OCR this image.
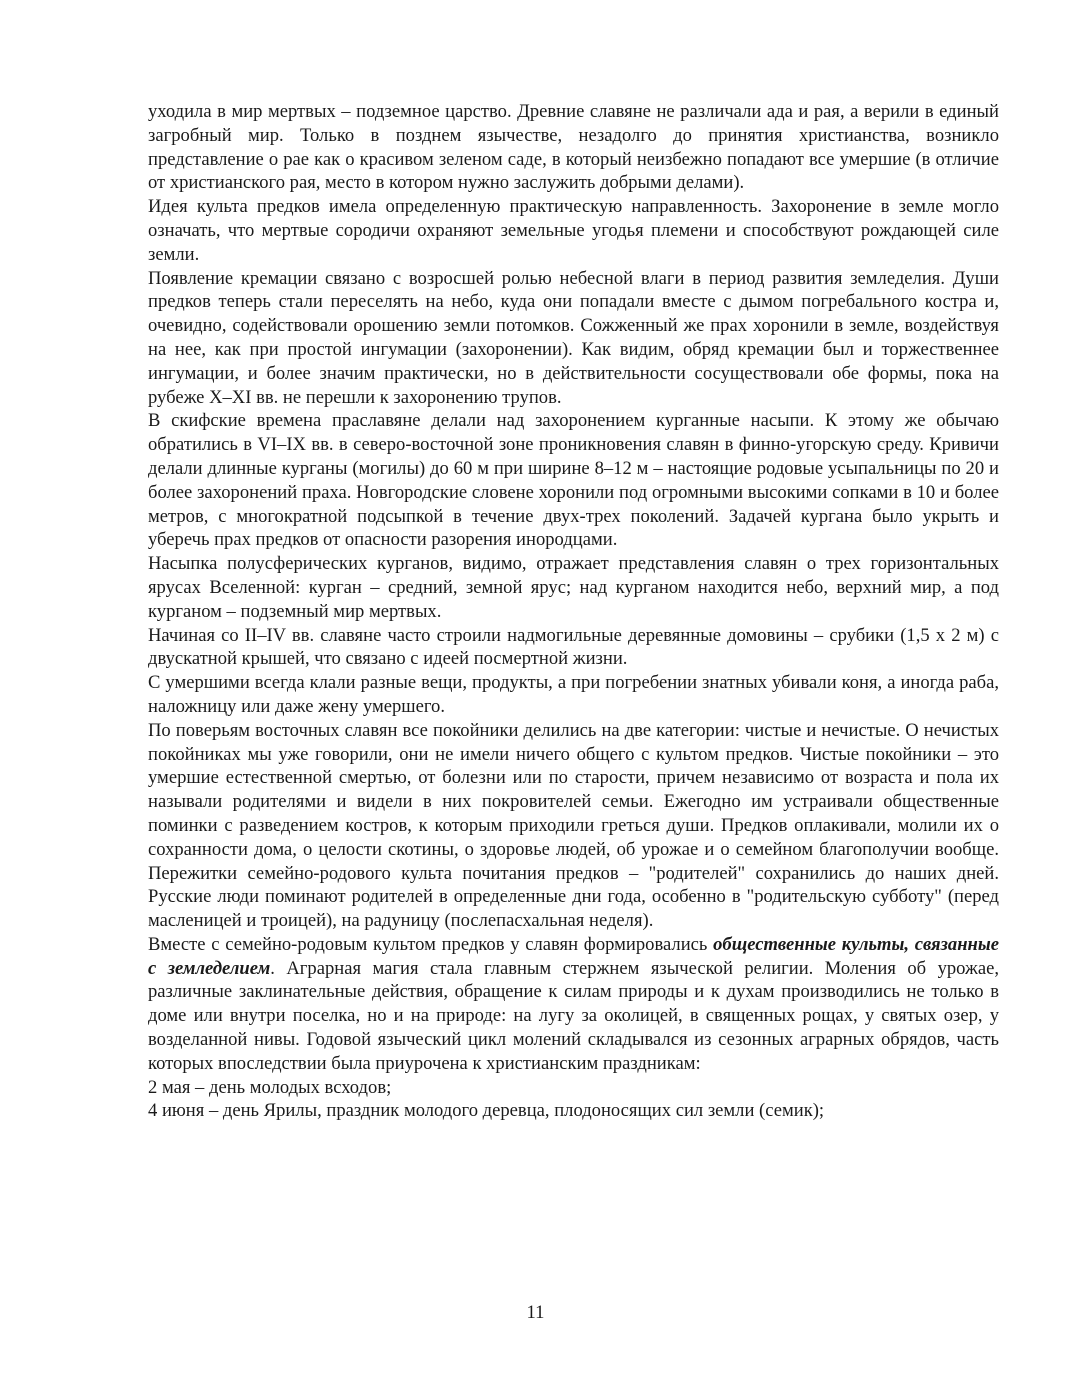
уходила в мир мертвых – подземное царство. Древние славяне не различали ада и рая, а верили в единый загробный мир. Только в позднем язычестве, незадолго до принятия христианства, возникло представление о рае как о красивом зеленом саде, в который неизбежно попадают все умершие (в отличие от христианского рая, место в котором нужно заслужить добрыми делами).

Идея культа предков имела определенную практическую направленность. Захоронение в земле могло означать, что мертвые сородичи охраняют земельные угодья племени и способствуют рождающей силе земли.

Появление кремации связано с возросшей ролью небесной влаги в период развития земледелия. Души предков теперь стали переселять на небо, куда они попадали вместе с дымом погребального костра и, очевидно, содействовали орошению земли потомков. Сожженный же прах хоронили в земле, воздействуя на нее, как при простой ингумации (захоронении). Как видим, обряд кремации был и торжественнее ингумации, и более значим практически, но в действительности сосуществовали обе формы, пока на рубеже X–XI вв. не перешли к захоронению трупов.

В скифские времена праславяне делали над захоронением курганные насыпи. К этому же обычаю обратились в VI–IX вв. в северо-восточной зоне проникновения славян в финно-угорскую среду. Кривичи делали длинные курганы (могилы) до 60 м при ширине 8–12 м – настоящие родовые усыпальницы по 20 и более захоронений праха. Новгородские словене хоронили под огромными высокими сопками в 10 и более метров, с многократной подсыпкой в течение двух-трех поколений. Задачей кургана было укрыть и уберечь прах предков от опасности разорения инородцами.

Насыпка полусферических курганов, видимо, отражает представления славян о трех горизонтальных ярусах Вселенной: курган – средний, земной ярус; над курганом находится небо, верхний мир, а под курганом – подземный мир мертвых.

Начиная со II–IV вв. славяне часто строили надмогильные деревянные домовины – срубики (1,5 х 2 м) с двускатной крышей, что связано с идеей посмертной жизни.

С умершими всегда клали разные вещи, продукты, а при погребении знатных убивали коня, а иногда раба, наложницу или даже жену умершего.

По поверьям восточных славян все покойники делились на две категории: чистые и нечистые. О нечистых покойниках мы уже говорили, они не имели ничего общего с культом предков. Чистые покойники – это умершие естественной смертью, от болезни или по старости, причем независимо от возраста и пола их называли родителями и видели в них покровителей семьи. Ежегодно им устраивали общественные поминки с разведением костров, к которым приходили греться души. Предков оплакивали, молили их о сохранности дома, о целости скотины, о здоровье людей, об урожае и о семейном благополучии вообще. Пережитки семейно-родового культа почитания предков – "родителей" сохранились до наших дней. Русские люди поминают родителей в определенные дни года, особенно в "родительскую субботу" (перед масленицей и троицей), на радуницу (послепасхальная неделя).

Вместе с семейно-родовым культом предков у славян формировались общественные культы, связанные с земледелием. Аграрная магия стала главным стержнем языческой религии. Моления об урожае, различные заклинательные действия, обращение к силам природы и к духам производились не только в доме или внутри поселка, но и на природе: на лугу за околицей, в священных рощах, у святых озер, у возделанной нивы. Годовой языческий цикл молений складывался из сезонных аграрных обрядов, часть которых впоследствии была приурочена к христианским праздникам:

2 мая – день молодых всходов;

4 июня – день Ярилы, праздник молодого деревца, плодоносящих сил земли (семик);

11
